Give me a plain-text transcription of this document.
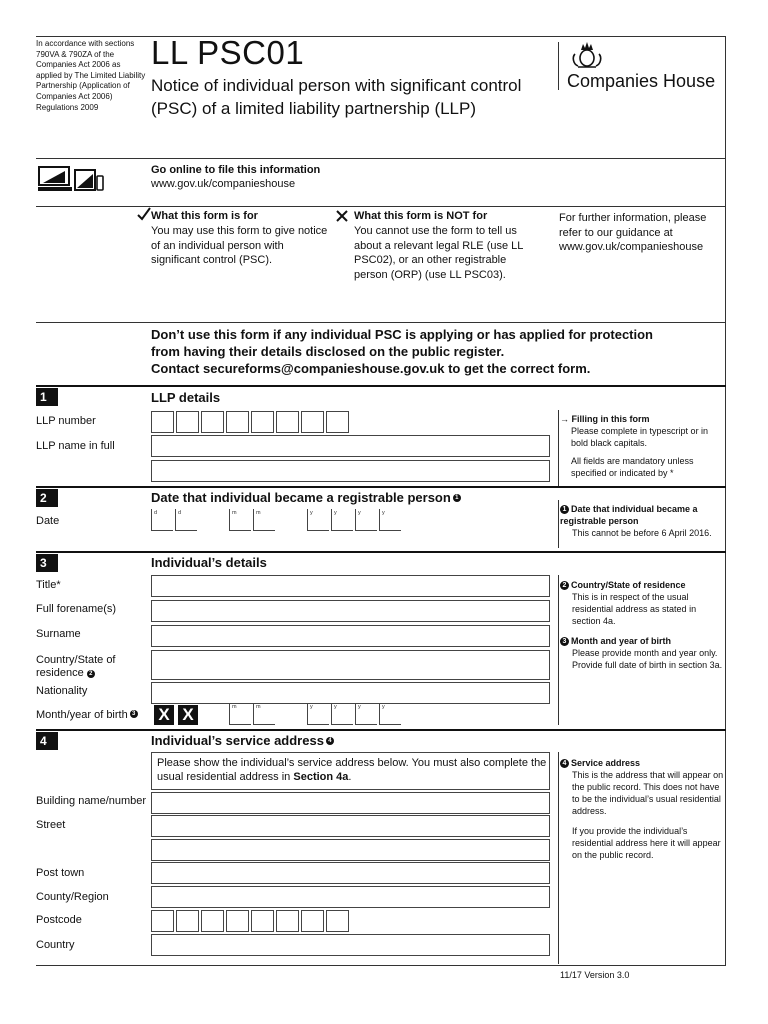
In accordance with sections 790VA & 790ZA of the Companies Act 2006 as applied by The Limited Liability Partnership (Application of Companies Act 2006) Regulations 2009
LL PSC01
Notice of individual person with significant control (PSC) of a limited liability partnership (LLP)
Companies House
Go online to file this information
www.gov.uk/companieshouse
What this form is for
You may use this form to give notice of an individual person with significant control (PSC).
What this form is NOT for
You cannot use the form to tell us about a relevant legal RLE (use LL PSC02), or an other registrable person (ORP) (use LL PSC03).
For further information, please refer to our guidance at www.gov.uk/companieshouse
Don’t use this form if any individual PSC is applying or has applied for protection
from having their details disclosed on the public register.
Contact secureforms@companieshouse.gov.uk to get the correct form.
1	LLP details
→ Filling in this form
Please complete in typescript or in bold black capitals.
All fields are mandatory unless specified or indicated by *
LLP number
LLP name in full
2	Date that individual became a registrable person 1
1 Date that individual became a registrable person
This cannot be before 6 April 2016.
Date
d	d	m	m	y	y	y	y
3	Individual’s details
2 Country/State of residence
This is in respect of the usual residential address as stated in section 4a.
3 Month and year of birth
Please provide month and year only. Provide full date of birth in section 3a.
Title*
Full forename(s)
Surname
Country/State of
residence 2
Nationality
Month/year of birth 3 X X	m	m	y	y	y	y
4	Individual’s service address 4
Please show the individual’s service address below. You must also complete the usual residential address in Section 4a.
4 Service address
This is the address that will appear on the public record. This does not have to be the individual’s usual residential address.
If you provide the individual’s residential address here it will appear on the public record.
Building name/number
Street
Post town
County/Region
Postcode
Country
11/17 Version 3.0
